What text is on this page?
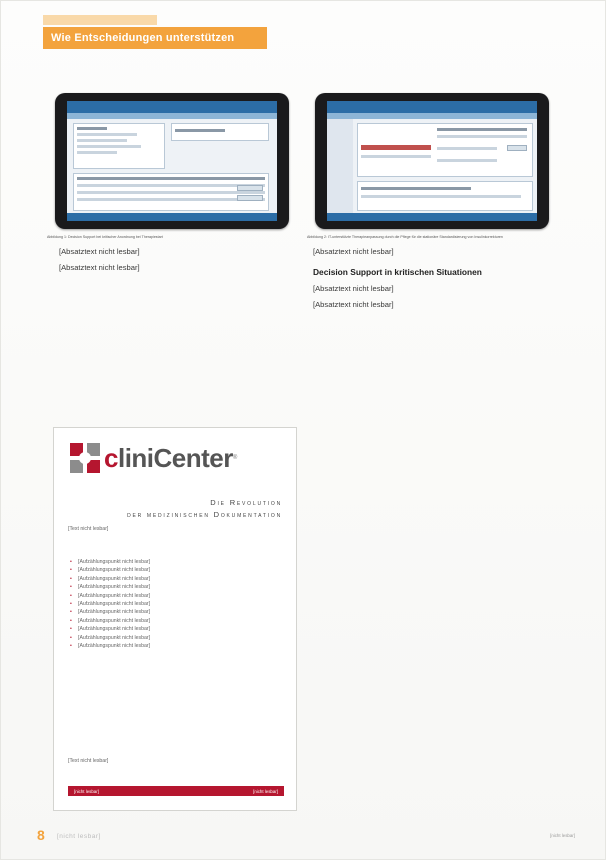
Wie Entscheidungen unterstützen
Abbildung 1: Decision Support bei kritischer Anordnung bei Therapiestart	Abbildung 2: IT-unterstützte Therapieanpassung durch die Pflege für die stationäre Standardisierung von Insulinkorrekturen

[Absatztext nicht lesbar]

[Absatztext nicht lesbar]

[Absatztext nicht lesbar]

Decision Support in kritischen Situationen

[Absatztext nicht lesbar]

[Absatztext nicht lesbar]

cliniCenter ®
Die Revolution
der medizinischen Dokumentation
[Text nicht lesbar]
• [Aufzählungspunkt nicht lesbar]
• [Aufzählungspunkt nicht lesbar]
• [Aufzählungspunkt nicht lesbar]
• [Aufzählungspunkt nicht lesbar]
• [Aufzählungspunkt nicht lesbar]
• [Aufzählungspunkt nicht lesbar]
• [Aufzählungspunkt nicht lesbar]
• [Aufzählungspunkt nicht lesbar]
• [Aufzählungspunkt nicht lesbar]
• [Aufzählungspunkt nicht lesbar]
• [Aufzählungspunkt nicht lesbar]
[Text nicht lesbar]
[nicht lesbar]	[nicht lesbar]
8 [nicht lesbar]	[nicht lesbar]
